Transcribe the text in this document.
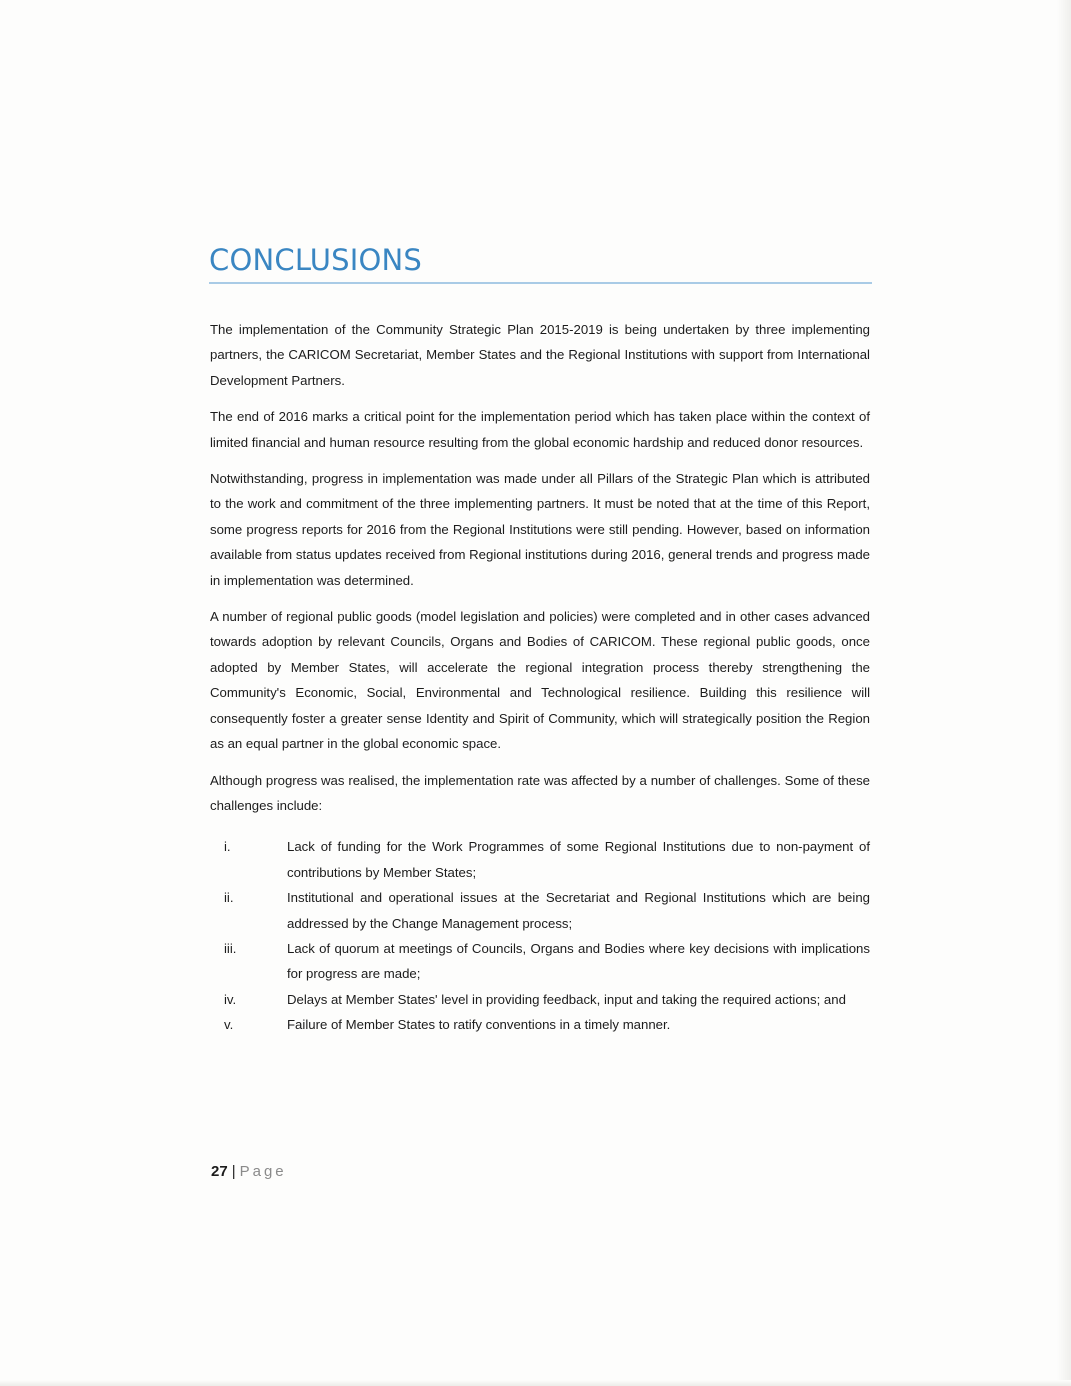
CONCLUSIONS

The implementation of the Community Strategic Plan 2015-2019 is being undertaken by three implementing partners, the CARICOM Secretariat, Member States and the Regional Institutions with support from International Development Partners.

The end of 2016 marks a critical point for the implementation period which has taken place within the context of limited financial and human resource resulting from the global economic hardship and reduced donor resources.

Notwithstanding, progress in implementation was made under all Pillars of the Strategic Plan which is attributed to the work and commitment of the three implementing partners. It must be noted that at the time of this Report, some progress reports for 2016 from the Regional Institutions were still pending. However, based on information available from status updates received from Regional institutions during 2016, general trends and progress made in implementation was determined.

A number of regional public goods (model legislation and policies) were completed and in other cases advanced towards adoption by relevant Councils, Organs and Bodies of CARICOM. These regional public goods, once adopted by Member States, will accelerate the regional integration process thereby strengthening the Community's Economic, Social, Environmental and Technological resilience. Building this resilience will consequently foster a greater sense Identity and Spirit of Community, which will strategically position the Region as an equal partner in the global economic space.

Although progress was realised, the implementation rate was affected by a number of challenges. Some of these challenges include:

i.	Lack of funding for the Work Programmes of some Regional Institutions due to non-payment of contributions by Member States;
ii.	Institutional and operational issues at the Secretariat and Regional Institutions which are being addressed by the Change Management process;
iii.	Lack of quorum at meetings of Councils, Organs and Bodies where key decisions with implications for progress are made;
iv.	Delays at Member States' level in providing feedback, input and taking the required actions; and
v.	Failure of Member States to ratify conventions in a timely manner.
27 | Page
